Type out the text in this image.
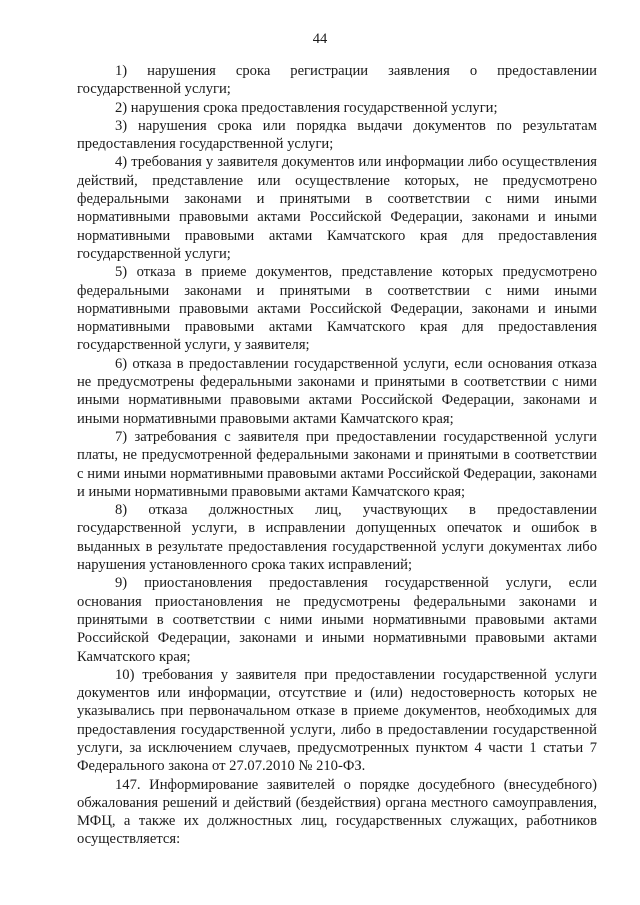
44

1) нарушения срока регистрации заявления о предоставлении государственной услуги;

2) нарушения срока предоставления государственной услуги;

3) нарушения срока или порядка выдачи документов по результатам предоставления государственной услуги;

4) требования у заявителя документов или информации либо осуществления действий, представление или осуществление которых, не предусмотрено федеральными законами и принятыми в соответствии с ними иными нормативными правовыми актами Российской Федерации, законами и иными нормативными правовыми актами Камчатского края для предоставления государственной услуги;

5) отказа в приеме документов, представление которых предусмотрено федеральными законами и принятыми в соответствии с ними иными нормативными правовыми актами Российской Федерации, законами и иными нормативными правовыми актами Камчатского края для предоставления государственной услуги, у заявителя;

6) отказа в предоставлении государственной услуги, если основания отказа не предусмотрены федеральными законами и принятыми в соответствии с ними иными нормативными правовыми актами Российской Федерации, законами и иными нормативными правовыми актами Камчатского края;

7) затребования с заявителя при предоставлении государственной услуги платы, не предусмотренной федеральными законами и принятыми в соответствии с ними иными нормативными правовыми актами Российской Федерации, законами и иными нормативными правовыми актами Камчатского края;

8) отказа должностных лиц, участвующих в предоставлении государственной услуги, в исправлении допущенных опечаток и ошибок в выданных в результате предоставления государственной услуги документах либо нарушения установленного срока таких исправлений;

9) приостановления предоставления государственной услуги, если основания приостановления не предусмотрены федеральными законами и принятыми в соответствии с ними иными нормативными правовыми актами Российской Федерации, законами и иными нормативными правовыми актами Камчатского края;

10) требования у заявителя при предоставлении государственной услуги документов или информации, отсутствие и (или) недостоверность которых не указывались при первоначальном отказе в приеме документов, необходимых для предоставления государственной услуги, либо в предоставлении государственной услуги, за исключением случаев, предусмотренных пунктом 4 части 1 статьи 7 Федерального закона от 27.07.2010 № 210-ФЗ.

147. Информирование заявителей о порядке досудебного (внесудебного) обжалования решений и действий (бездействия) органа местного самоуправления, МФЦ, а также их должностных лиц, государственных служащих, работников осуществляется:
